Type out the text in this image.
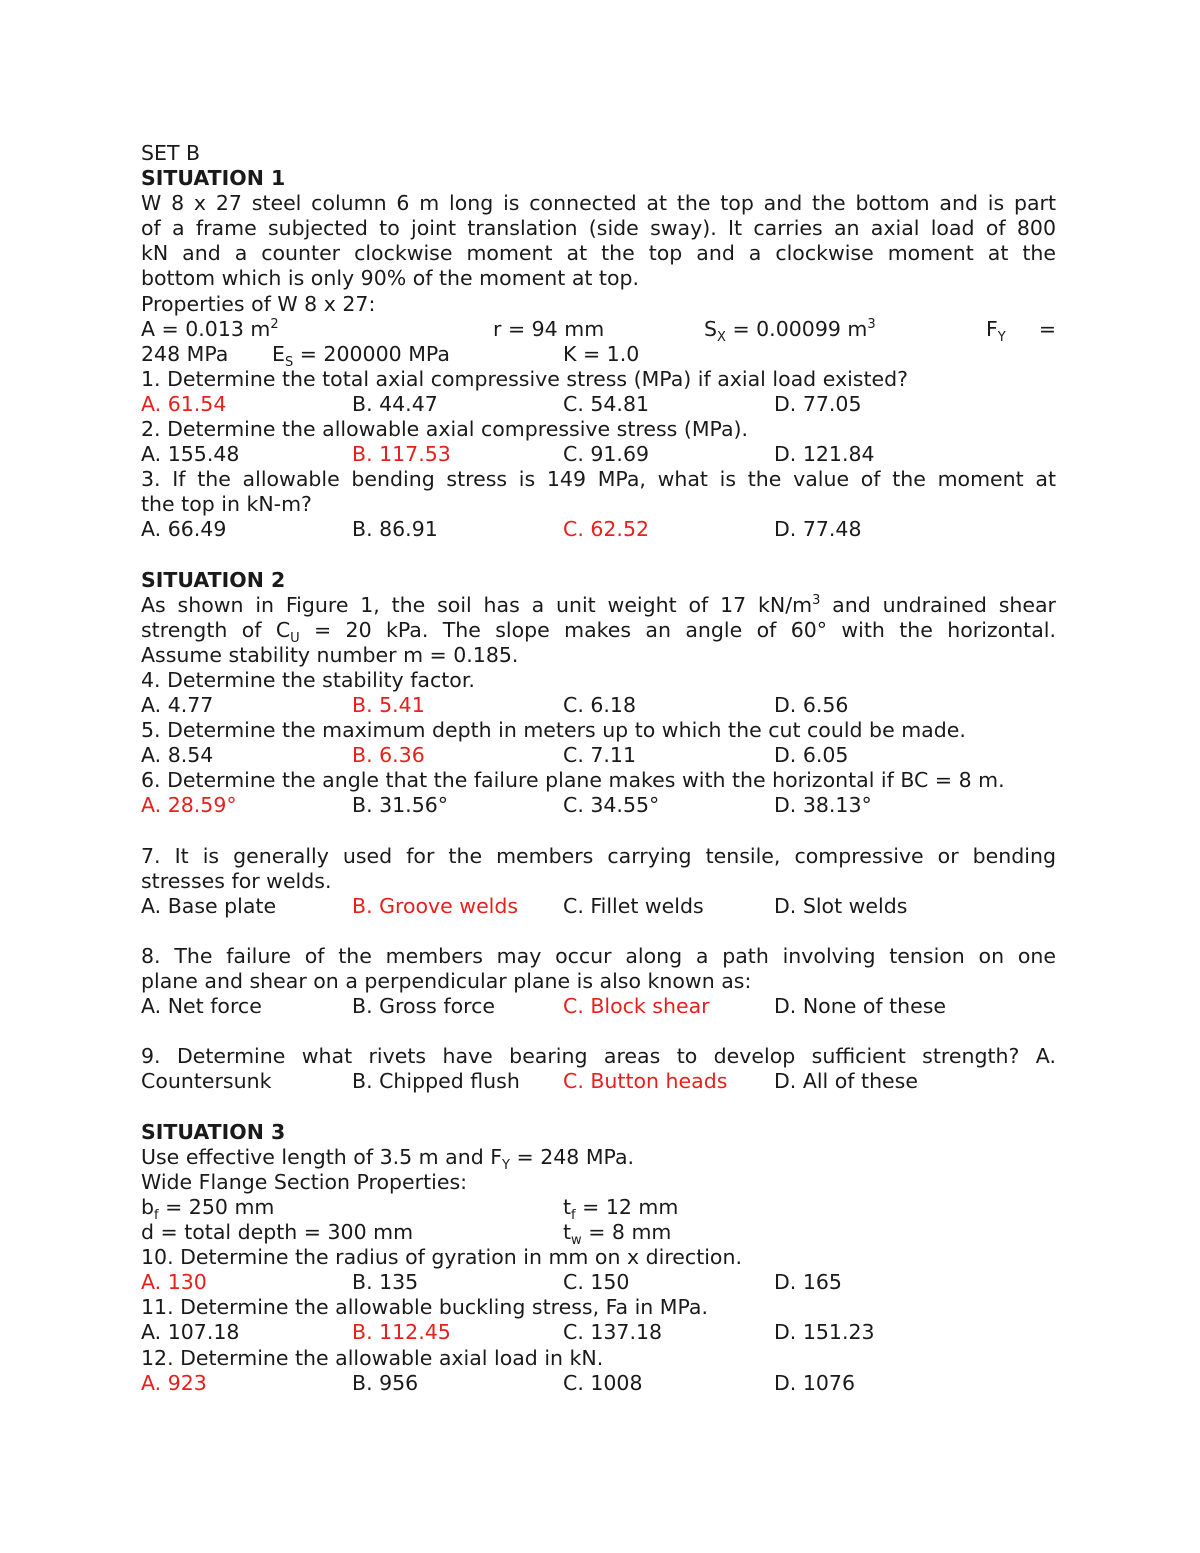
SET B
SITUATION 1
W 8 x 27 steel column 6 m long is connected at the top and the bottom and is part
of a frame subjected to joint translation (side sway). It carries an axial load of 800
kN and a counter clockwise moment at the top and a clockwise moment at the
bottom which is only 90% of the moment at top.
Properties of W 8 x 27:
A = 0.013 $m^2$	r = 94 mm	$S_X = 0.00099$ $m^3$	$F_Y$ =
248 MPa	$E_S = 200000$ MPa	K = 1.0
1. Determine the total axial compressive stress (MPa) if axial load existed?
A. 61.54	B. 44.47	C. 54.81	D. 77.05
2. Determine the allowable axial compressive stress (MPa).
A. 155.48	B. 117.53	C. 91.69	D. 121.84
3. If the allowable bending stress is 149 MPa, what is the value of the moment at
the top in kN-m?
A. 66.49	B. 86.91	C. 62.52	D. 77.48
SITUATION 2
As shown in Figure 1, the soil has a unit weight of 17 $kN/m^3$ and undrained shear
strength of $C_U = 20$ kPa. The slope makes an angle of 60° with the horizontal.
Assume stability number m = 0.185.
4. Determine the stability factor.
A. 4.77	B. 5.41	C. 6.18	D. 6.56
5. Determine the maximum depth in meters up to which the cut could be made.
A. 8.54	B. 6.36	C. 7.11	D. 6.05
6. Determine the angle that the failure plane makes with the horizontal if BC = 8 m.
A. 28.59°	B. 31.56°	C. 34.55°	D. 38.13°
7. It is generally used for the members carrying tensile, compressive or bending
stresses for welds.
A. Base plate	B. Groove welds	C. Fillet welds	D. Slot welds
8. The failure of the members may occur along a path involving tension on one
plane and shear on a perpendicular plane is also known as:
A. Net force	B. Gross force	C. Block shear	D. None of these
9. Determine what rivets have bearing areas to develop sufficient strength? A.
Countersunk	B. Chipped flush	C. Button heads	D. All of these
SITUATION 3
Use effective length of 3.5 m and $F_Y = 248$ MPa.
Wide Flange Section Properties:
$b_f = 250$ mm	$t_f = 12$ mm
d = total depth = 300 mm	$t_w = 8$ mm
10. Determine the radius of gyration in mm on x direction.
A. 130	B. 135	C. 150	D. 165
11. Determine the allowable buckling stress, Fa in MPa.
A. 107.18	B. 112.45	C. 137.18	D. 151.23
12. Determine the allowable axial load in kN.
A. 923	B. 956	C. 1008	D. 1076
